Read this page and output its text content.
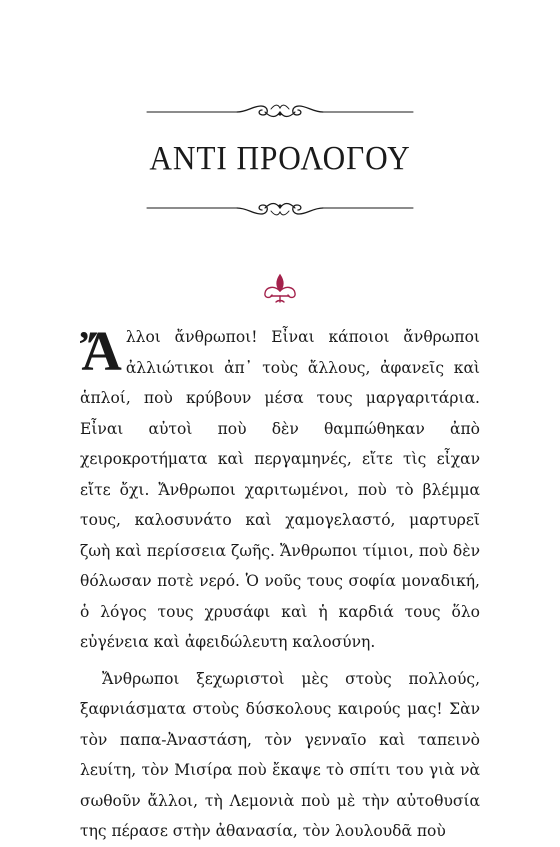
ΑΝΤΙ ΠΡΟΛΟΓΟΥ

Ἄλλοι ἄνθρωποι! Εἶναι κάποιοι ἄνθρωποι ἀλλιώτικοι ἀπ᾽ τοὺς ἄλλους, ἀφανεῖς καὶ ἁπλοί, ποὺ κρύβουν μέσα τους μαργαριτάρια. Εἶναι αὐτοὶ ποὺ δὲν θαμπώθηκαν ἀπὸ χειροκροτήματα καὶ περγαμηνές, εἴτε τὶς εἶχαν εἴτε ὄχι. Ἄνθρωποι χαριτωμένοι, ποὺ τὸ βλέμμα τους, καλοσυνάτο καὶ χαμογελαστό, μαρτυρεῖ ζωὴ καὶ περίσσεια ζωῆς. Ἄνθρωποι τίμιοι, ποὺ δὲν θόλωσαν ποτὲ νερό. Ὁ νοῦς τους σοφία μοναδική, ὁ λόγος τους χρυσάφι καὶ ἡ καρδιά τους ὅλο εὐγένεια καὶ ἀφειδώλευτη καλοσύνη.

Ἄνθρωποι ξεχωριστοὶ μὲς στοὺς πολλούς, ξαφνιάσματα στοὺς δύσκολους καιρούς μας! Σὰν τὸν παπα-Ἀναστάση, τὸν γενναῖο καὶ ταπεινὸ λευίτη, τὸν Μισίρα ποὺ ἔκαψε τὸ σπίτι του γιὰ νὰ σωθοῦν ἄλλοι, τὴ Λεμονιὰ ποὺ μὲ τὴν αὐτοθυσία της πέρασε στὴν ἀθανασία, τὸν λουλουδᾶ ποὺ
